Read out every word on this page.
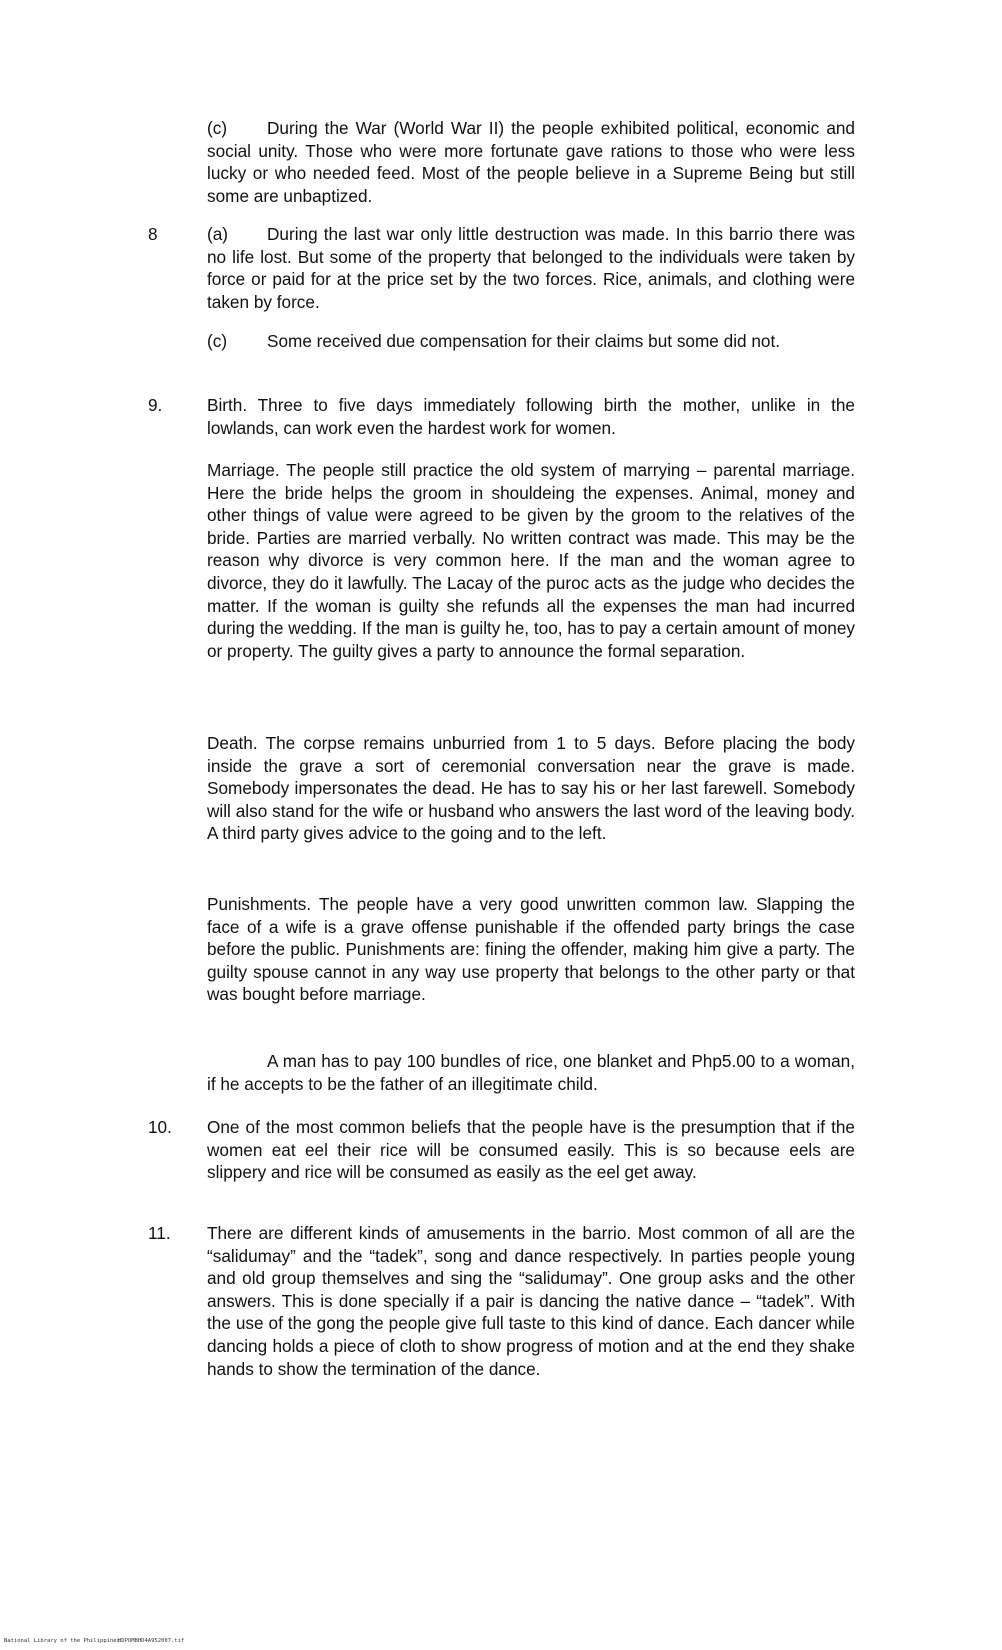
(c) During the War (World War II) the people exhibited political, economic and social unity. Those who were more fortunate gave rations to those who were less lucky or who needed feed. Most of the people believe in a Supreme Being but still some are unbaptized.

8	(a) During the last war only little destruction was made. In this barrio there was no life lost. But some of the property that belonged to the individuals were taken by force or paid for at the price set by the two forces. Rice, animals, and clothing were taken by force.

(c) Some received due compensation for their claims but some did not.

9.	Birth. Three to five days immediately following birth the mother, unlike in the lowlands, can work even the hardest work for women.

Marriage. The people still practice the old system of marrying – parental marriage. Here the bride helps the groom in shouldeing the expenses. Animal, money and other things of value were agreed to be given by the groom to the relatives of the bride. Parties are married verbally. No written contract was made. This may be the reason why divorce is very common here. If the man and the woman agree to divorce, they do it lawfully. The Lacay of the puroc acts as the judge who decides the matter. If the woman is guilty she refunds all the expenses the man had incurred during the wedding. If the man is guilty he, too, has to pay a certain amount of money or property. The guilty gives a party to announce the formal separation.

Death. The corpse remains unburried from 1 to 5 days. Before placing the body inside the grave a sort of ceremonial conversation near the grave is made. Somebody impersonates the dead. He has to say his or her last farewell. Somebody will also stand for the wife or husband who answers the last word of the leaving body. A third party gives advice to the going and to the left.

Punishments. The people have a very good unwritten common law. Slapping the face of a wife is a grave offense punishable if the offended party brings the case before the public. Punishments are: fining the offender, making him give a party. The guilty spouse cannot in any way use property that belongs to the other party or that was bought before marriage.

A man has to pay 100 bundles of rice, one blanket and Php5.00 to a woman, if he accepts to be the father of an illegitimate child.

10. One of the most common beliefs that the people have is the presumption that if the women eat eel their rice will be consumed easily. This is so because eels are slippery and rice will be consumed as easily as the eel get away.

11. There are different kinds of amusements in the barrio. Most common of all are the “salidumay” and the “tadek”, song and dance respectively. In parties people young and old group themselves and sing the “salidumay”. One group asks and the other answers. This is done specially if a pair is dancing the native dance – “tadek”. With the use of the gong the people give full taste to this kind of dance. Each dancer while dancing holds a piece of cloth to show progress of motion and at the end they shake hands to show the termination of the dance.

National Library of the Philippines
HDPOMBHD4A952007.tif
